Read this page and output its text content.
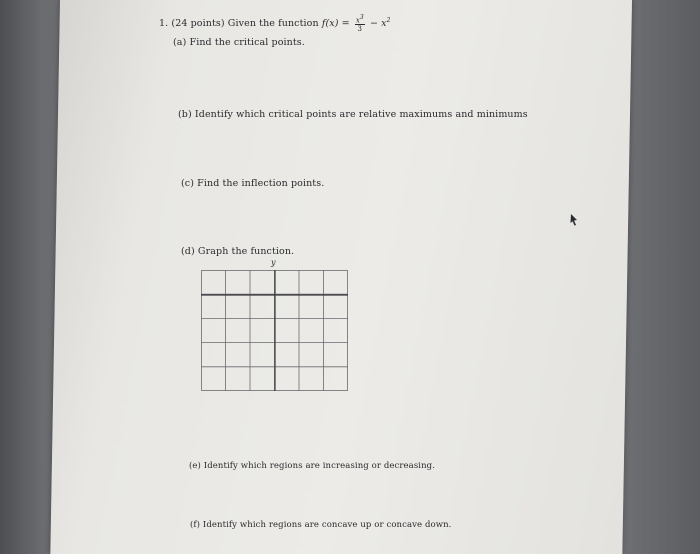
1. (24 points) Given the function $f(x) = \frac{x^3}{3} - x^2$
(a) Find the critical points.
(b) Identify which critical points are relative maximums and minimums
(c) Find the inflection points.
(d) Graph the function.
y
(e) Identify which regions are increasing or decreasing.
(f) Identify which regions are concave up or concave down.
